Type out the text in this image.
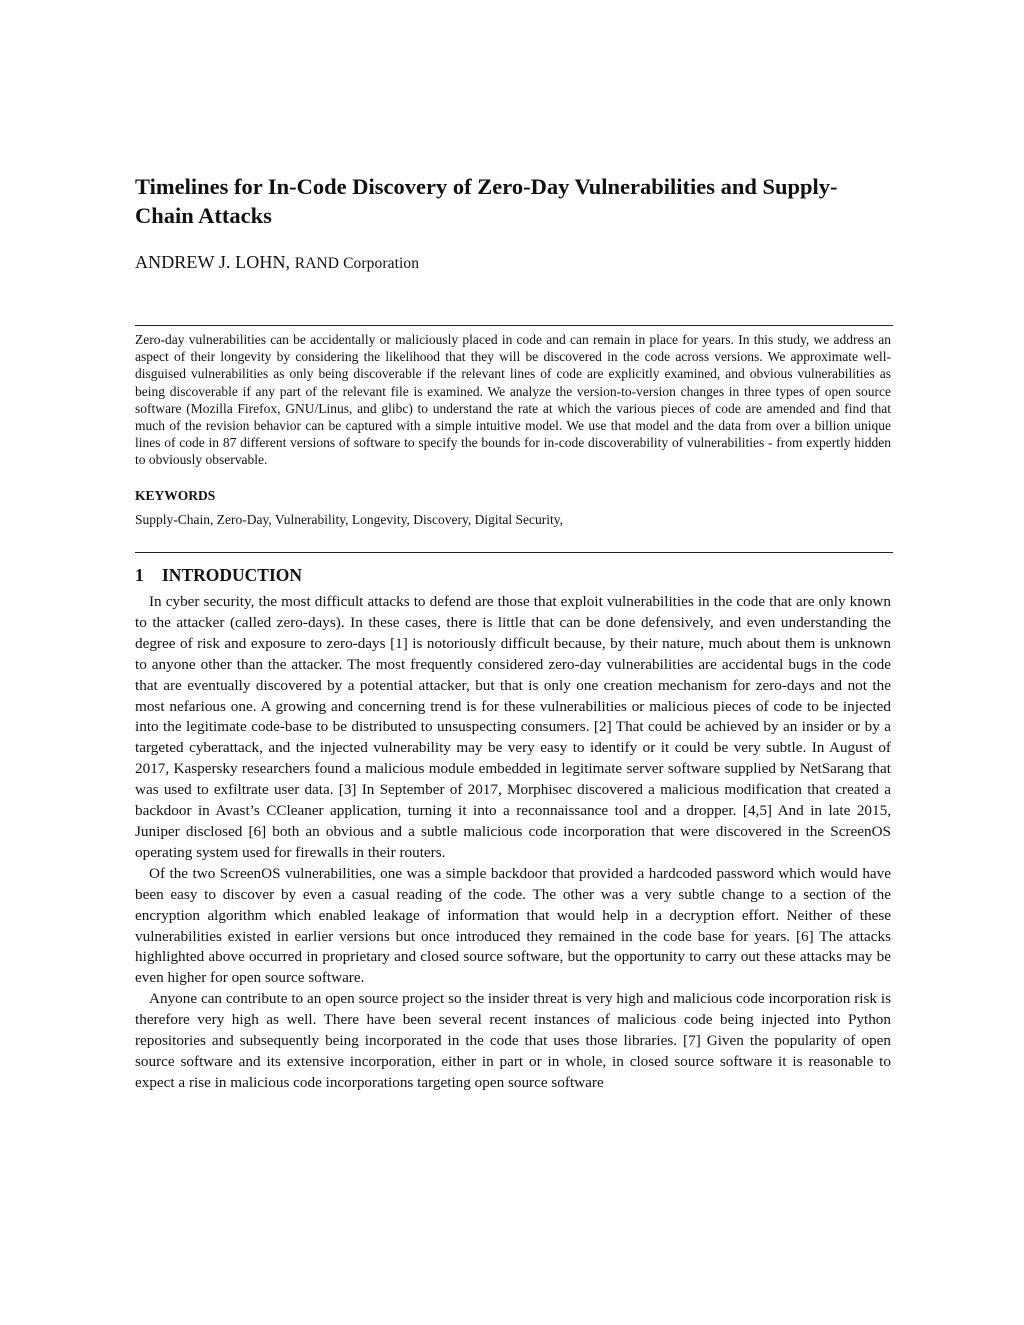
Timelines for In-Code Discovery of Zero-Day Vulnerabilities and Supply-Chain Attacks
ANDREW J. LOHN, RAND Corporation

Zero-day vulnerabilities can be accidentally or maliciously placed in code and can remain in place for years. In this study, we address an aspect of their longevity by considering the likelihood that they will be discovered in the code across versions. We approximate well-disguised vulnerabilities as only being discoverable if the relevant lines of code are explicitly examined, and obvious vulnerabilities as being discoverable if any part of the relevant file is examined. We analyze the version-to-version changes in three types of open source software (Mozilla Firefox, GNU/Linus, and glibc) to understand the rate at which the various pieces of code are amended and find that much of the revision behavior can be captured with a simple intuitive model. We use that model and the data from over a billion unique lines of code in 87 different versions of software to specify the bounds for in-code discoverability of vulnerabilities - from expertly hidden to obviously observable.

KEYWORDS

Supply-Chain, Zero-Day, Vulnerability, Longevity, Discovery, Digital Security,

1 INTRODUCTION

In cyber security, the most difficult attacks to defend are those that exploit vulnerabilities in the code that are only known to the attacker (called zero-days). In these cases, there is little that can be done defensively, and even understanding the degree of risk and exposure to zero-days [1] is notoriously difficult because, by their nature, much about them is unknown to anyone other than the attacker. The most frequently considered zero-day vulnerabilities are accidental bugs in the code that are eventually discovered by a potential attacker, but that is only one creation mechanism for zero-days and not the most nefarious one. A growing and concerning trend is for these vulnerabilities or malicious pieces of code to be injected into the legitimate code-base to be distributed to unsuspecting consumers. [2] That could be achieved by an insider or by a targeted cyberattack, and the injected vulnerability may be very easy to identify or it could be very subtle. In August of 2017, Kaspersky researchers found a malicious module embedded in legitimate server software supplied by NetSarang that was used to exfiltrate user data. [3] In September of 2017, Morphisec discovered a malicious modification that created a backdoor in Avast’s CCleaner application, turning it into a reconnaissance tool and a dropper. [4,5] And in late 2015, Juniper disclosed [6] both an obvious and a subtle malicious code incorporation that were discovered in the ScreenOS operating system used for firewalls in their routers.

Of the two ScreenOS vulnerabilities, one was a simple backdoor that provided a hardcoded password which would have been easy to discover by even a casual reading of the code. The other was a very subtle change to a section of the encryption algorithm which enabled leakage of information that would help in a decryption effort. Neither of these vulnerabilities existed in earlier versions but once introduced they remained in the code base for years. [6] The attacks highlighted above occurred in proprietary and closed source software, but the opportunity to carry out these attacks may be even higher for open source software.

Anyone can contribute to an open source project so the insider threat is very high and malicious code incorporation risk is therefore very high as well. There have been several recent instances of malicious code being injected into Python repositories and subsequently being incorporated in the code that uses those libraries. [7] Given the popularity of open source software and its extensive incorporation, either in part or in whole, in closed source software it is reasonable to expect a rise in malicious code incorporations targeting open source software
